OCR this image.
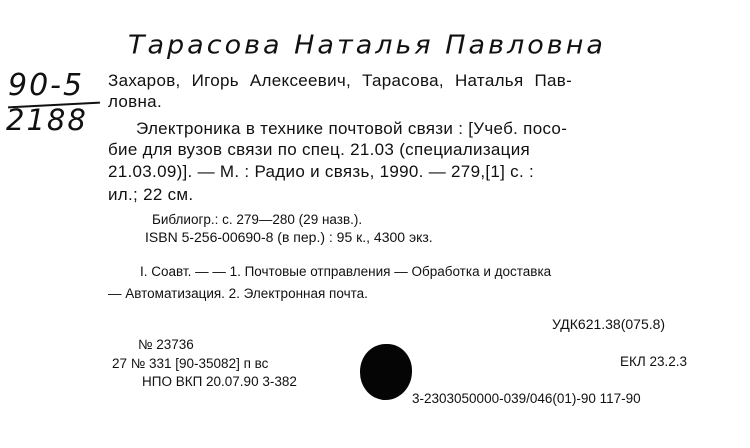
Тарасова Наталья Павловна
90-5
2188
Захаров, Игорь Алексеевич, Тарасова, Наталья Пав-
ловна.
Электроника в технике почтовой связи : [Учеб. посо-
бие для вузов связи по спец. 21.03 (специализация
21.03.09)]. — М. : Радио и связь, 1990. — 279,[1] с. :
ил.; 22 см.
Библиогр.: с. 279—280 (29 назв.).
ISBN 5-256-00690-8 (в пер.) : 95 к., 4300 экз.
I. Соавт. — — 1. Почтовые отправления — Обработка и доставка
— Автоматизация. 2. Электронная почта.
УДК621.38(075.8)
№ 23736
27 № 331 [90-35082] п вс	ЕКЛ 23.2.3
НПО ВКП 20.07.90 3-382
3-2303050000-039/046(01)-90 117-90
